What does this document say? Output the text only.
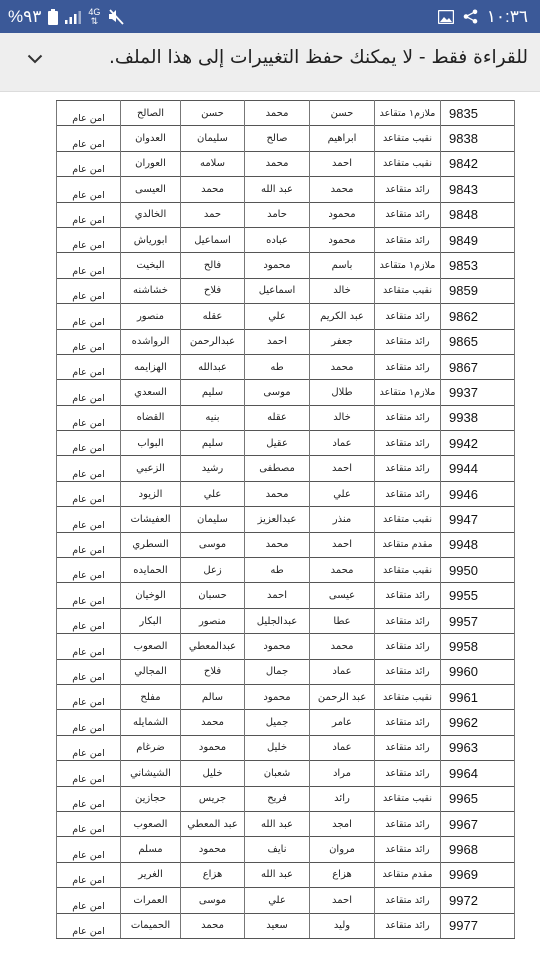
%٩٣	4G
⇅	١٠:٣٦
للقراءة فقط - لا يمكنك حفظ التغييرات إلى هذا الملف.
امن عام	الصالح	حسن	محمد	حسن	ملازم١ متقاعد	9835
امن عام	العدوان	سليمان	صالح	ابراهيم	نقيب متقاعد	9838
امن عام	العوران	سلامه	محمد	احمد	نقيب متقاعد	9842
امن عام	العيسى	محمد	عبد الله	محمد	رائد متقاعد	9843
امن عام	الخالدي	حمد	حامد	محمود	رائد متقاعد	9848
امن عام	ابورياش	اسماعيل	عباده	محمود	رائد متقاعد	9849
امن عام	البخيت	فالح	محمود	باسم	ملازم١ متقاعد	9853
امن عام	خشاشنه	فلاح	اسماعيل	خالد	نقيب متقاعد	9859
امن عام	منصور	عقله	علي	عبد الكريم	رائد متقاعد	9862
امن عام	الرواشده	عبدالرحمن	احمد	جعفر	رائد متقاعد	9865
امن عام	الهزايمه	عبدالله	طه	محمد	رائد متقاعد	9867
امن عام	السعدي	سليم	موسى	طلال	ملازم١ متقاعد	9937
امن عام	القضاه	بنيه	عقله	خالد	رائد متقاعد	9938
امن عام	البواب	سليم	عقيل	عماد	رائد متقاعد	9942
امن عام	الزعبي	رشيد	مصطفى	احمد	رائد متقاعد	9944
امن عام	الزيود	علي	محمد	علي	رائد متقاعد	9946
امن عام	العفيشات	سليمان	عبدالعزيز	منذر	نقيب متقاعد	9947
امن عام	السطري	موسى	محمد	احمد	مقدم متقاعد	9948
امن عام	الحمايده	زعل	طه	محمد	نقيب متقاعد	9950
امن عام	الوخيان	حسبان	احمد	عيسى	رائد متقاعد	9955
امن عام	البكار	منصور	عبدالجليل	عطا	رائد متقاعد	9957
امن عام	الصعوب	عبدالمعطي	محمود	محمد	رائد متقاعد	9958
امن عام	المجالي	فلاح	جمال	عماد	رائد متقاعد	9960
امن عام	مفلح	سالم	محمود	عبد الرحمن	نقيب متقاعد	9961
امن عام	الشمايله	محمد	جميل	عامر	رائد متقاعد	9962
امن عام	ضرغام	محمود	خليل	عماد	رائد متقاعد	9963
امن عام	الشيشاني	خليل	شعبان	مراد	رائد متقاعد	9964
امن عام	حجازين	جريس	فريح	رائد	نقيب متقاعد	9965
امن عام	الصعوب	عبد المعطي	عبد الله	امجد	رائد متقاعد	9967
امن عام	مسلم	محمود	نايف	مروان	رائد متقاعد	9968
امن عام	الغرير	هزاع	عبد الله	هزاع	مقدم متقاعد	9969
امن عام	العمرات	موسى	علي	احمد	رائد متقاعد	9972
امن عام	الحميمات	محمد	سعيد	وليد	رائد متقاعد	9977
